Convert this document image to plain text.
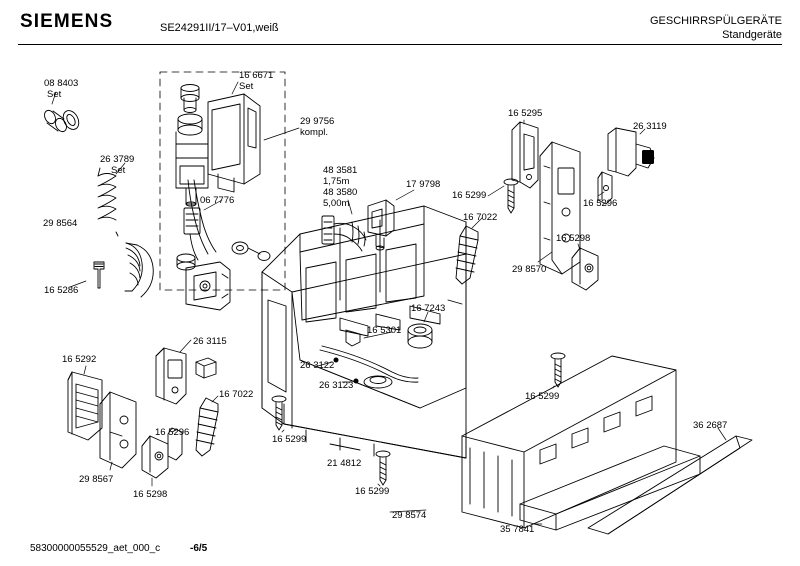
SIEMENS	SE24291II/17–V01,weiß
GESCHIRRSPÜLGERÄTE
Standgeräte
08 8403
Set
16 6671
Set
29 9756
kompl.
26 3789
Set
29 8564
06 7776
48 3581
1,75m
48 3580
5,00m
17 9798
16 5299
16 7022
16 5295
26 3119
16 5296
16 5298
29 8570
16 5286
26 3115
16 5292
16 7022
16 5296
29 8567
16 5298
16 7243
16 5301
26 3122
26 3123
16 5299
21 4812
16 5299
16 5299
29 8574
35 7841
36 2687
58300000055529_aet_000_c	-6/5
